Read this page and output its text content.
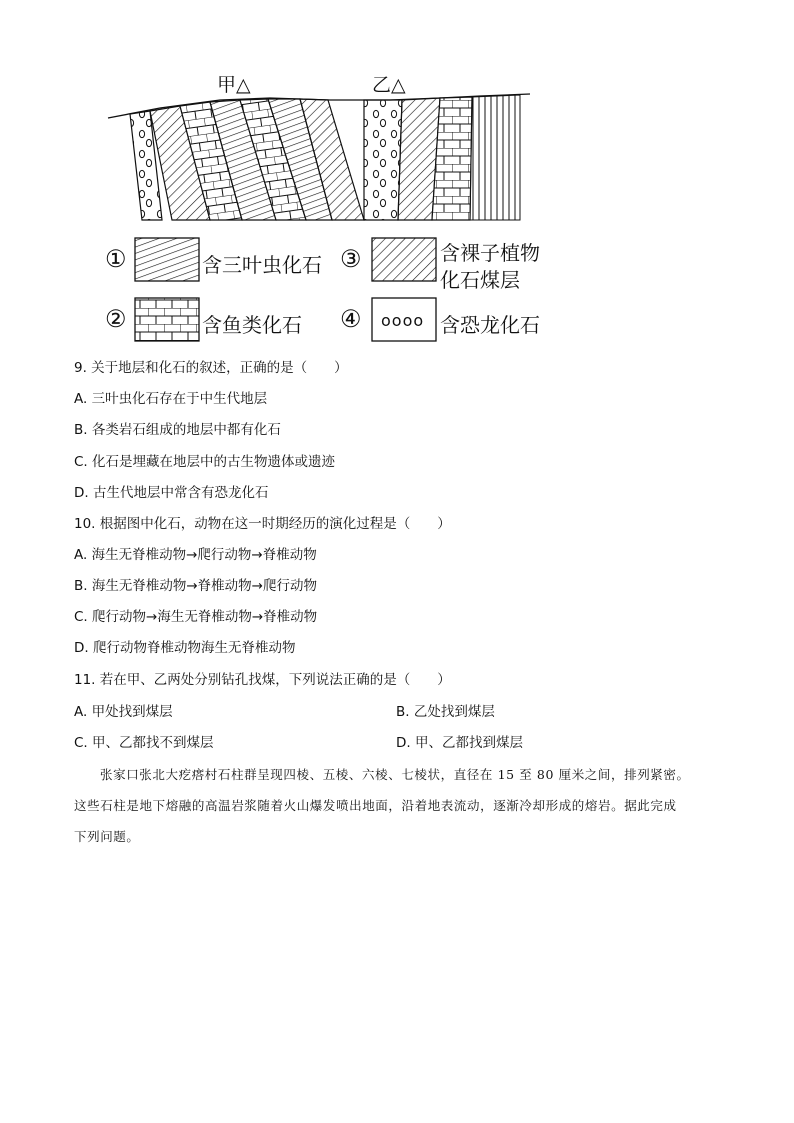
甲△	乙△
①	含三叶虫化石
②	含鱼类化石
③	含裸子植物
化石煤层
④ oooo 含恐龙化石
9. 关于地层和化石的叙述，正确的是（　　）
A. 三叶虫化石存在于中生代地层
B. 各类岩石组成的地层中都有化石
C. 化石是埋藏在地层中的古生物遗体或遗迹
D. 古生代地层中常含有恐龙化石
10. 根据图中化石，动物在这一时期经历的演化过程是（　　）
A. 海生无脊椎动物→爬行动物→脊椎动物
B. 海生无脊椎动物→脊椎动物→爬行动物
C. 爬行动物→海生无脊椎动物→脊椎动物
D. 爬行动物脊椎动物海生无脊椎动物
11. 若在甲、乙两处分别钻孔找煤，下列说法正确的是（　　）
A. 甲处找到煤层	B. 乙处找到煤层
C. 甲、乙都找不到煤层	D. 甲、乙都找到煤层
张家口张北大疙瘩村石柱群呈现四棱、五棱、六棱、七棱状，直径在 15 至 80 厘米之间，排列紧密。
这些石柱是地下熔融的高温岩浆随着火山爆发喷出地面，沿着地表流动，逐渐冷却形成的熔岩。据此完成
下列问题。
